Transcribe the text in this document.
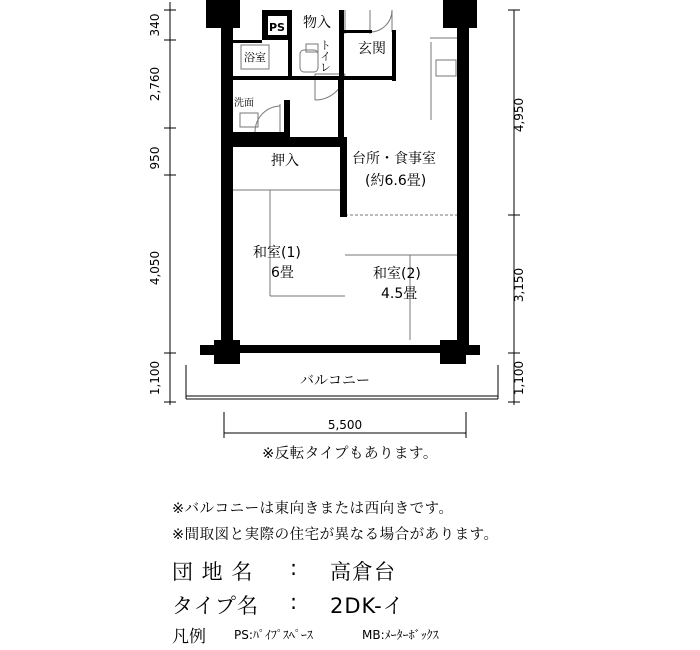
物入
PS
浴室	トイレ 玄関
洗面
押入	台所・食事室
(約6.6畳)
和室(1)
6畳	和室(2)
4.5畳
バルコニー
340
2,760
950
4,050
1,100
4,950
3,150
1,100
5,500
※反転タイプもあります。
※バルコニーは東向きまたは西向きです。
※間取図と実際の住宅が異なる場合があります。
団 地 名 : 高倉台
タイプ名 : 2DK-イ
凡例 PS:ﾊﾟｲﾌﾟｽﾍﾟｰｽ	MB:ﾒｰﾀｰﾎﾞｯｸｽ
